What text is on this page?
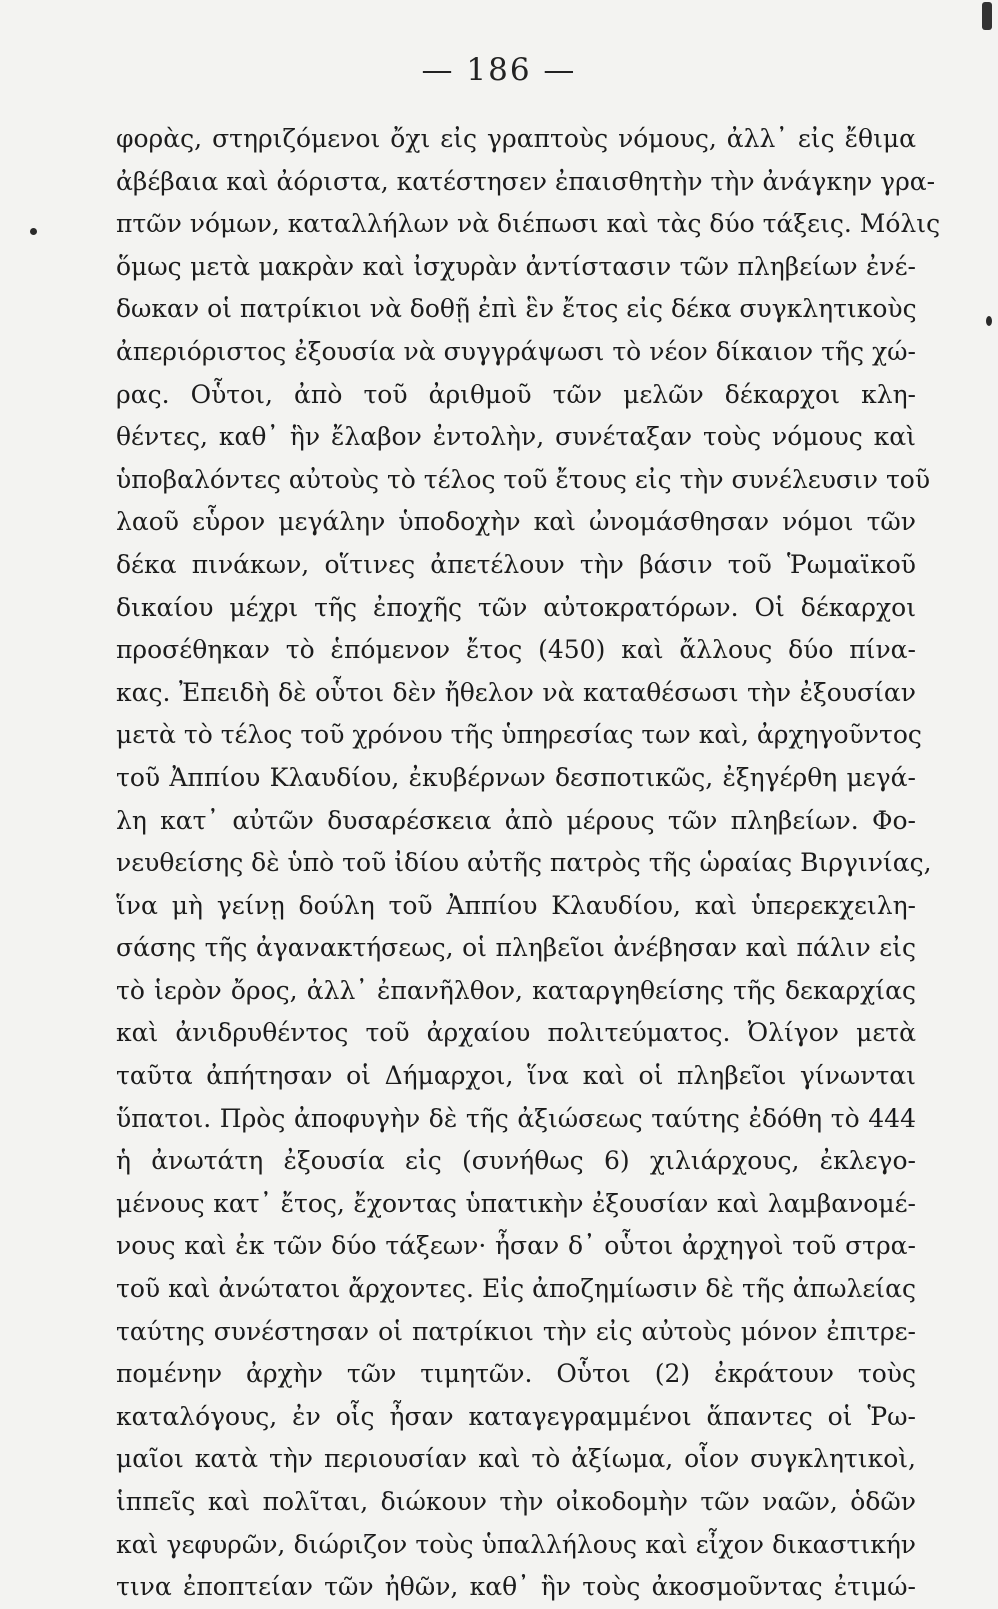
— 186 —
φορὰς, στηριζόμενοι ὄχι εἰς γραπτοὺς νόμους, ἀλλ᾽ εἰς ἔθιμα
ἀβέβαια καὶ ἀόριστα, κατέστησεν ἐπαισθητὴν τὴν ἀνάγκην γρα-
πτῶν νόμων, καταλλήλων νὰ διέπωσι καὶ τὰς δύο τάξεις. Μόλις
ὅμως μετὰ μακρὰν καὶ ἰσχυρὰν ἀντίστασιν τῶν πληβείων ἐνέ-
δωκαν οἱ πατρίκιοι νὰ δοθῇ ἐπὶ ἓν ἔτος εἰς δέκα συγκλητικοὺς
ἀπεριόριστος ἐξουσία νὰ συγγράψωσι τὸ νέον δίκαιον τῆς χώ-
ρας. Οὗτοι, ἀπὸ τοῦ ἀριθμοῦ τῶν μελῶν δέκαρχοι κλη-
θέντες, καθ᾽ ἣν ἔλαβον ἐντολὴν, συνέταξαν τοὺς νόμους καὶ
ὑποβαλόντες αὐτοὺς τὸ τέλος τοῦ ἔτους εἰς τὴν συνέλευσιν τοῦ
λαοῦ εὗρον μεγάλην ὑποδοχὴν καὶ ὠνομάσθησαν νόμοι τῶν
δέκα πινάκων, οἵτινες ἀπετέλουν τὴν βάσιν τοῦ Ῥωμαϊκοῦ
δικαίου μέχρι τῆς ἐποχῆς τῶν αὐτοκρατόρων. Οἱ δέκαρχοι
προσέθηκαν τὸ ἑπόμενον ἔτος (450) καὶ ἄλλους δύο πίνα-
κας. Ἐπειδὴ δὲ οὗτοι δὲν ἤθελον νὰ καταθέσωσι τὴν ἐξουσίαν
μετὰ τὸ τέλος τοῦ χρόνου τῆς ὑπηρεσίας των καὶ, ἀρχηγοῦντος
τοῦ Ἀππίου Κλαυδίου, ἐκυβέρνων δεσποτικῶς, ἐξηγέρθη μεγά-
λη κατ᾽ αὐτῶν δυσαρέσκεια ἀπὸ μέρους τῶν πληβείων. Φο-
νευθείσης δὲ ὑπὸ τοῦ ἰδίου αὐτῆς πατρὸς τῆς ὡραίας Βιργινίας,
ἵνα μὴ γείνῃ δούλη τοῦ Ἀππίου Κλαυδίου, καὶ ὑπερεκχειλη-
σάσης τῆς ἀγανακτήσεως, οἱ πληβεῖοι ἀνέβησαν καὶ πάλιν εἰς
τὸ ἱερὸν ὄρος, ἀλλ᾽ ἐπανῆλθον, καταργηθείσης τῆς δεκαρχίας
καὶ ἀνιδρυθέντος τοῦ ἀρχαίου πολιτεύματος. Ὀλίγον μετὰ
ταῦτα ἀπήτησαν οἱ Δήμαρχοι, ἵνα καὶ οἱ πληβεῖοι γίνωνται
ὕπατοι. Πρὸς ἀποφυγὴν δὲ τῆς ἀξιώσεως ταύτης ἐδόθη τὸ 444
ἡ ἀνωτάτη ἐξουσία εἰς (συνήθως 6) χιλιάρχους, ἐκλεγο-
μένους κατ᾽ ἔτος, ἔχοντας ὑπατικὴν ἐξουσίαν καὶ λαμβανομέ-
νους καὶ ἐκ τῶν δύο τάξεων· ἦσαν δ᾽ οὗτοι ἀρχηγοὶ τοῦ στρα-
τοῦ καὶ ἀνώτατοι ἄρχοντες. Εἰς ἀποζημίωσιν δὲ τῆς ἀπωλείας
ταύτης συνέστησαν οἱ πατρίκιοι τὴν εἰς αὐτοὺς μόνον ἐπιτρε-
πομένην ἀρχὴν τῶν τιμητῶν. Οὗτοι (2) ἐκράτουν τοὺς
καταλόγους, ἐν οἷς ἦσαν καταγεγραμμένοι ἅπαντες οἱ Ῥω-
μαῖοι κατὰ τὴν περιουσίαν καὶ τὸ ἀξίωμα, οἷον συγκλητικοὶ,
ἱππεῖς καὶ πολῖται, διώκουν τὴν οἰκοδομὴν τῶν ναῶν, ὁδῶν
καὶ γεφυρῶν, διώριζον τοὺς ὑπαλλήλους καὶ εἶχον δικαστικήν
τινα ἐποπτείαν τῶν ἠθῶν, καθ᾽ ἣν τοὺς ἀκοσμοῦντας ἐτιμώ-
